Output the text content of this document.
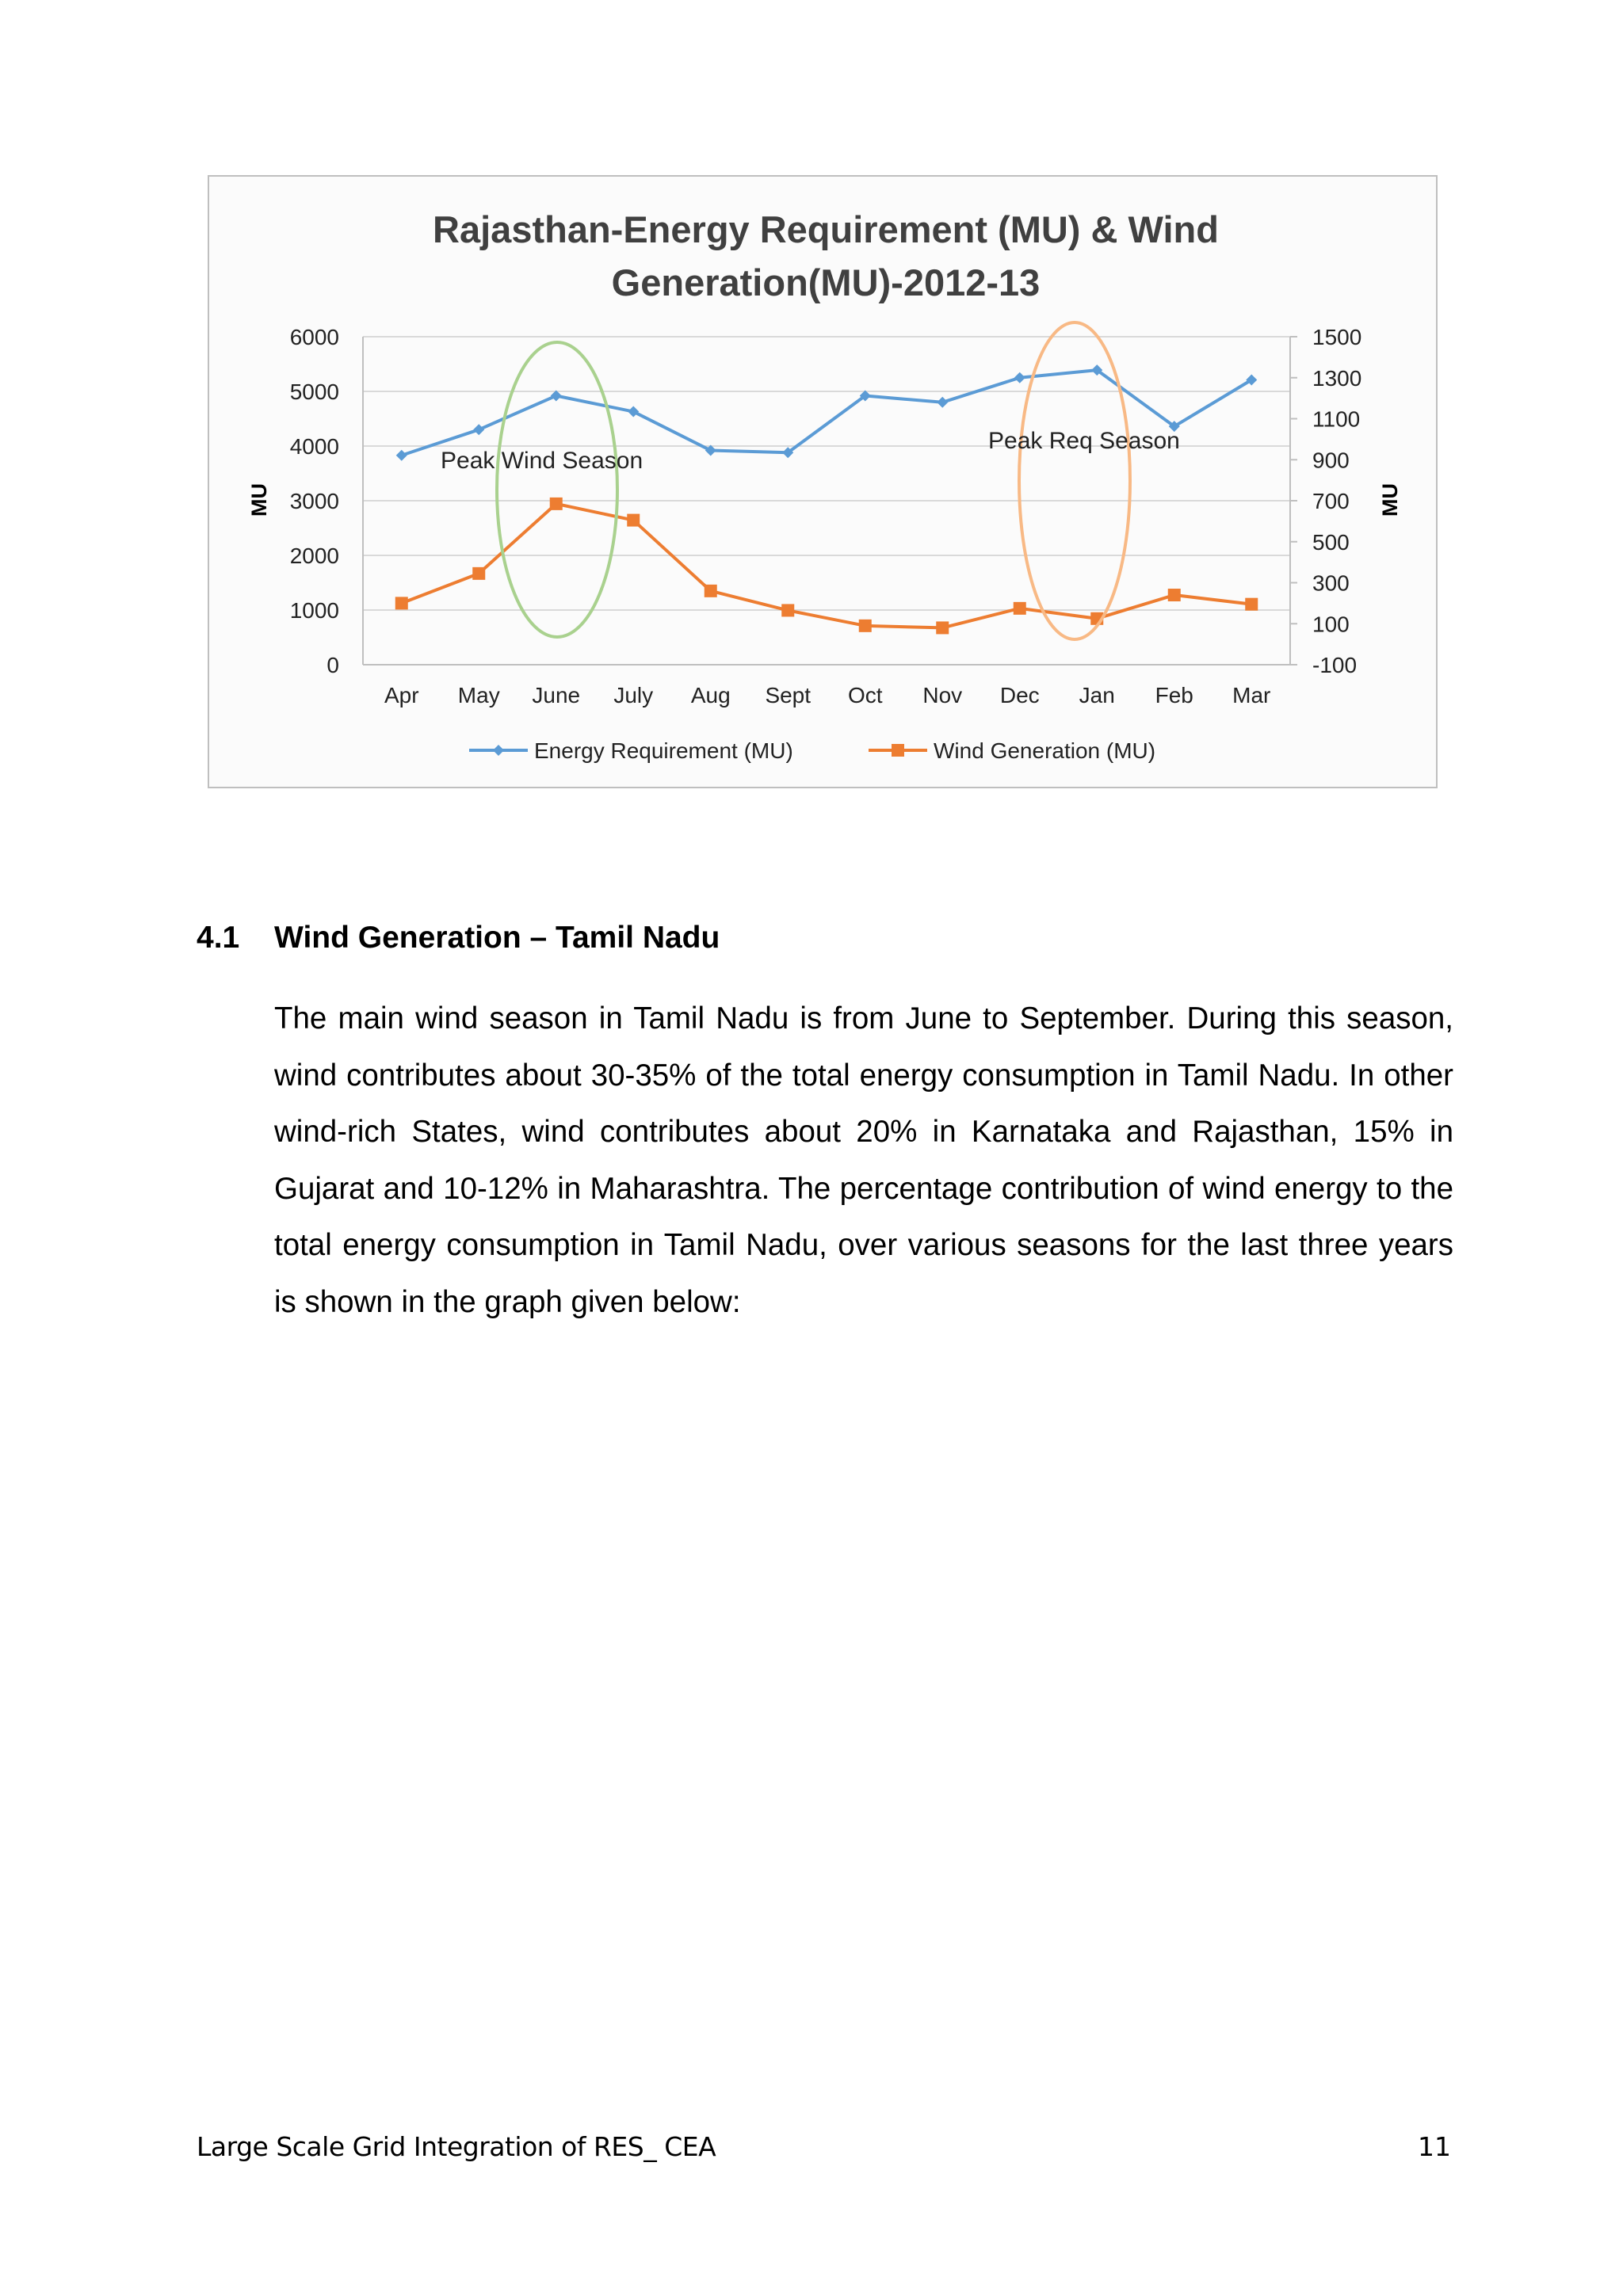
Rajasthan-Energy Requirement (MU) & Wind
Generation(MU)-2012-13
0
1000
2000
3000
4000
5000
6000
-100
100
300
500
700
900
1100
1300
1500
Apr May June July Aug Sept Oct Nov Dec Jan Feb Mar
MU	MU
Peak Wind Season
Peak Req Season
Energy Requirement (MU)	Wind Generation (MU)
4.1 Wind Generation – Tamil Nadu

The main wind season in Tamil Nadu is from June to September. During this season, wind contributes about 30-35% of the total energy consumption in Tamil Nadu. In other wind-rich States, wind contributes about 20% in Karnataka and Rajasthan, 15% in Gujarat and 10-12% in Maharashtra. The percentage contribution of wind energy to the total energy consumption in Tamil Nadu, over various seasons for the last three years is shown in the graph given below:

Large Scale Grid Integration of RES_ CEA	11
